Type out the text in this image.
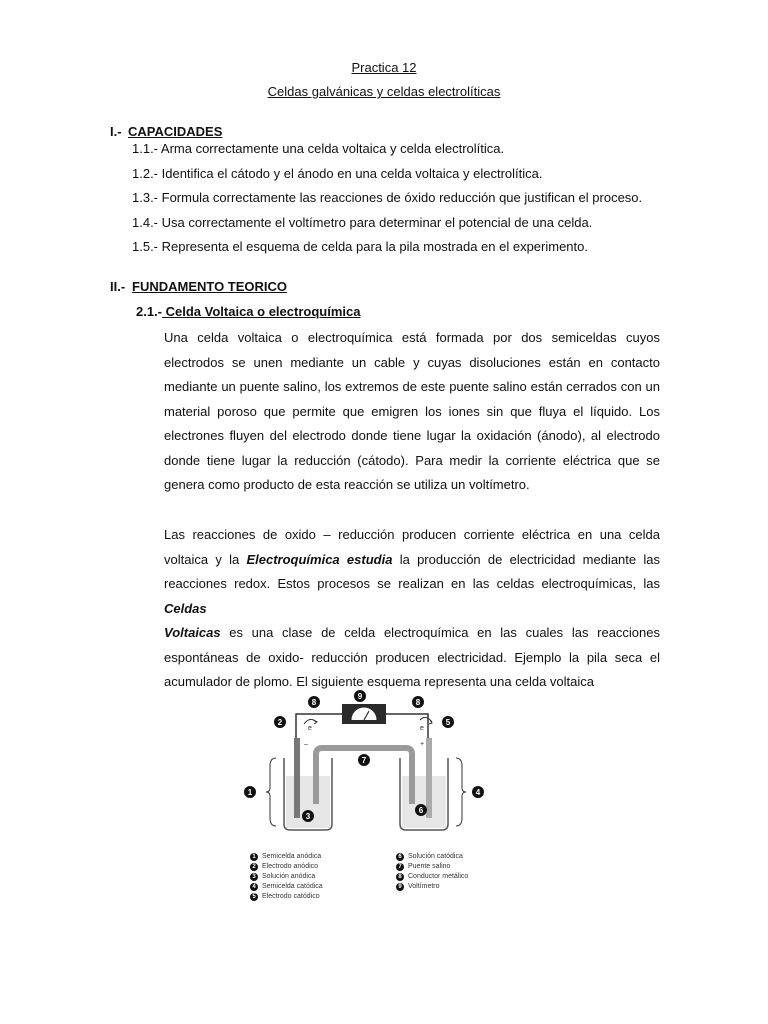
Practica 12
Celdas galvánicas y celdas electrolíticas
I.- CAPACIDADES
1.1.- Arma correctamente una celda voltaica y celda electrolítica.
1.2.- Identifica el cátodo y el ánodo en una celda voltaica y electrolítica.
1.3.- Formula correctamente las reacciones de óxido reducción que justifican el proceso.
1.4.- Usa correctamente el voltímetro para determinar el potencial de una celda.
1.5.- Representa el esquema de celda para la pila mostrada en el experimento.
II.- FUNDAMENTO TEORICO
2.1.- Celda Voltaica o electroquímica
Una celda voltaica o electroquímica está formada por dos semiceldas cuyos
electrodos se unen mediante un cable y cuyas disoluciones están en contacto
mediante un puente salino, los extremos de este puente salino están cerrados con un
material poroso que permite que emigren los iones sin que fluya el líquido. Los
electrones fluyen del electrodo donde tiene lugar la oxidación (ánodo), al electrodo
donde tiene lugar la reducción (cátodo). Para medir la corriente eléctrica que se
genera como producto de esta reacción se utiliza un voltímetro.
Las reacciones de oxido – reducción producen corriente eléctrica en una celda
voltaica y la Electroquímica estudia la producción de electricidad mediante las
reacciones redox. Estos procesos se realizan en las celdas electroquímicas, las Celdas
Voltaicas es una clase de celda electroquímica en las cuales las reacciones
espontáneas de oxido- reducción producen electricidad. Ejemplo la pila seca el
acumulador de plomo. El siguiente esquema representa una celda voltaica
1
2
3
4
5
6
7
8	8
9
e	e
–	+
1 Semiceldа anódica
2 Electrodo anódico
3 Solución anódica
4 Semicelda catódica
5 Electrodo catódico
6 Solución catódica
7 Puente salino
8 Conductor metálico
9 Voltímetro
